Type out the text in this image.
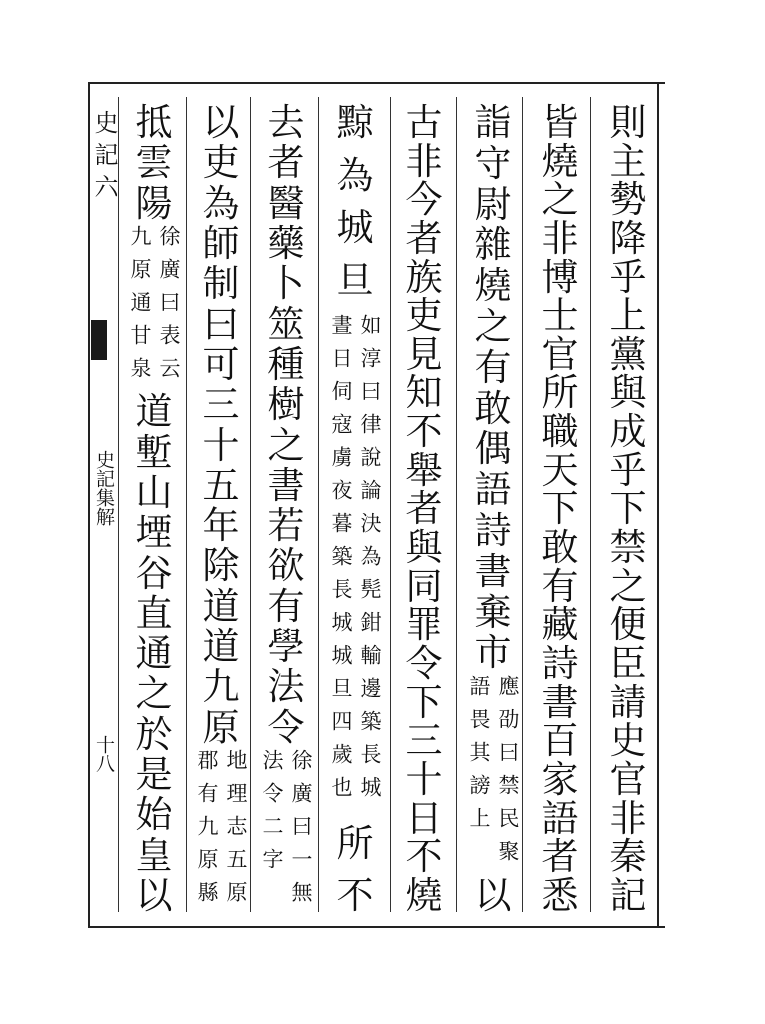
史記六
史記集解
十八
則
主
勢
降
乎
上
黨
與
成
乎
下
禁
之
便
臣
請
史
官
非
秦
記
皆
燒
之
非
博
士
官
所
職
天
下
敢
有
藏
詩
書
百
家
語
者
悉
詣
守
尉
雜
燒
之
有
敢
偶
語
詩
書
棄
市
應劭曰禁民聚
語畏其謗上
以
古
非
今
者
族
吏
見
知
不
舉
者
與
同
罪
令
下
三
十
日
不
燒
黥
為
城
旦
如淳曰律說論決為髡鉗輸邊築長城
晝日伺寇虜夜暮築長城城旦四歲也
所
不
去
者
醫
藥
卜
筮
種
樹
之
書
若
欲
有
學
法
令
徐廣曰一無
法令二字
以
吏
為
師
制
曰
可
三
十
五
年
除
道
道
九
原
地理志五原
郡有九原縣
抵
雲
陽
徐廣曰表云
九原通甘泉
道
塹
山
堙
谷
直
通
之
於
是
始
皇
以
